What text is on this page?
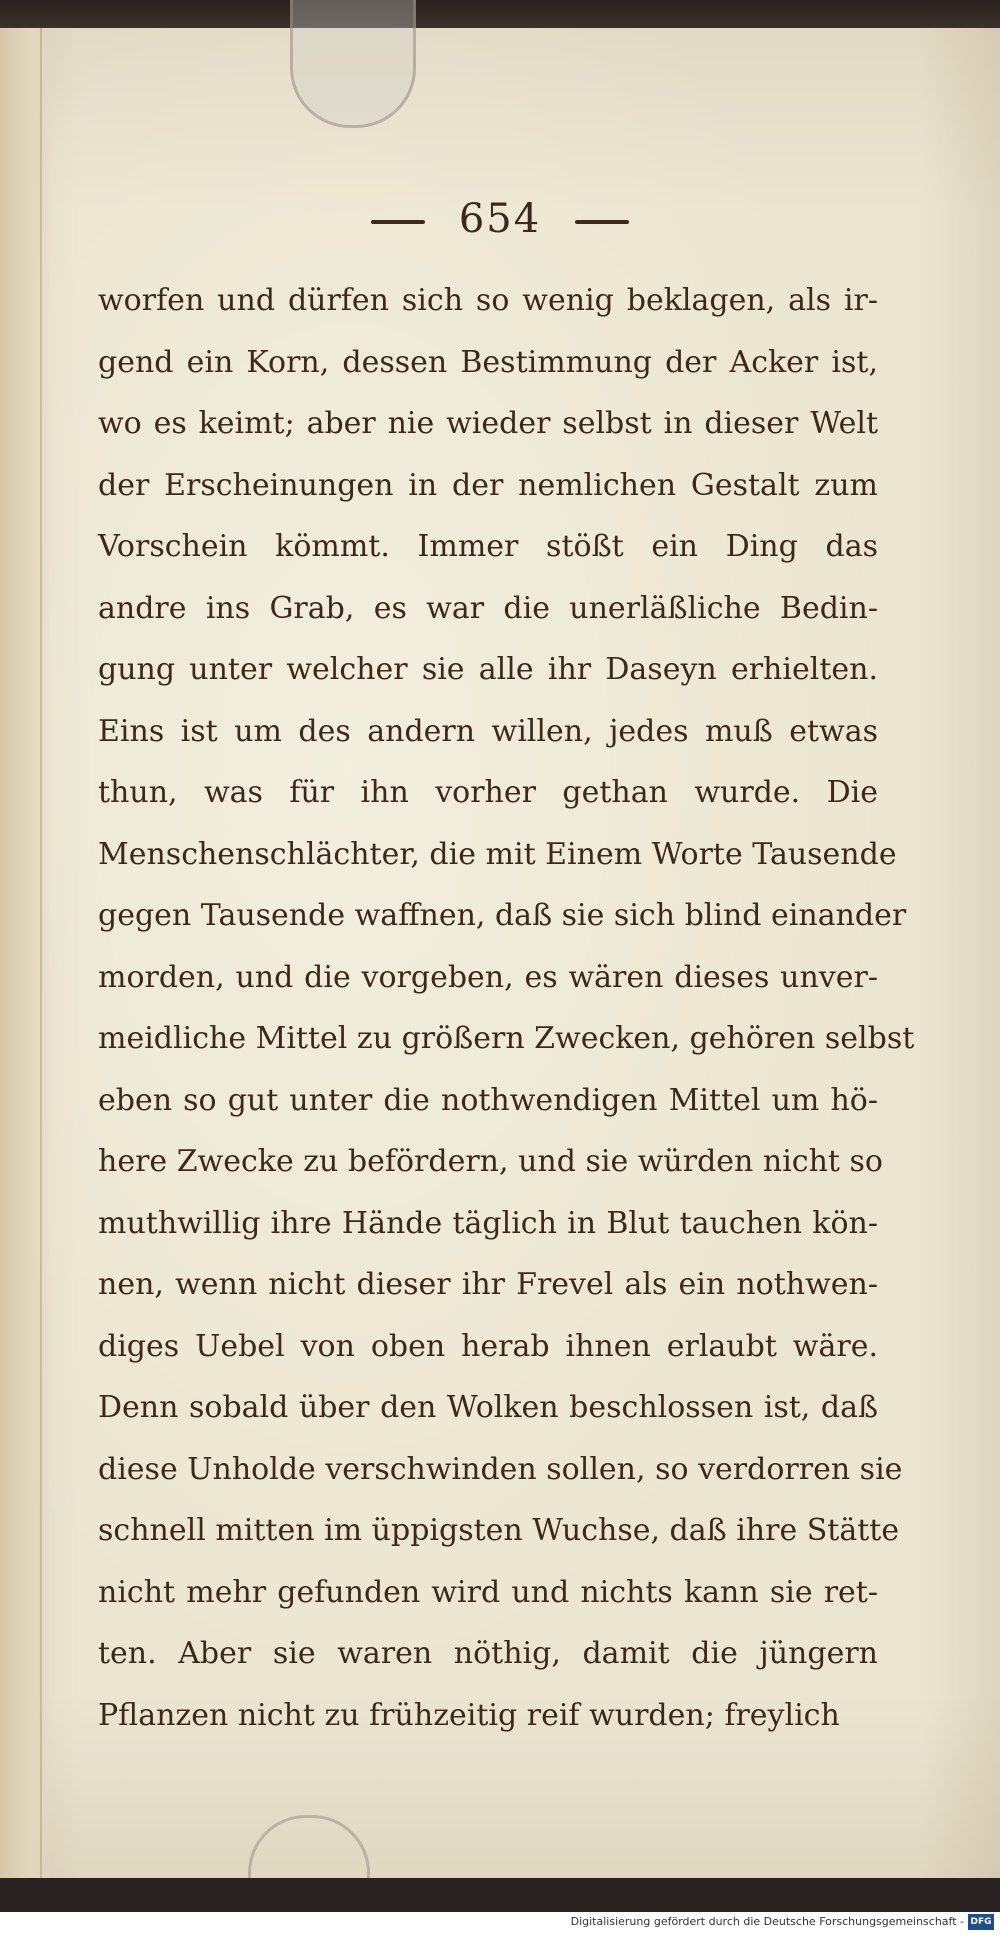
654
worfen und dürfen sich so wenig beklagen, als ir-
gend ein Korn, dessen Bestimmung der Acker ist,
wo es keimt; aber nie wieder selbst in dieser Welt
der Erscheinungen in der nemlichen Gestalt zum
Vorschein kömmt. Immer stößt ein Ding das
andre ins Grab, es war die unerläßliche Bedin-
gung unter welcher sie alle ihr Daseyn erhielten.
Eins ist um des andern willen, jedes muß etwas
thun, was für ihn vorher gethan wurde. Die
Menschenschlächter, die mit Einem Worte Tausende
gegen Tausende waffnen, daß sie sich blind einander
morden, und die vorgeben, es wären dieses unver-
meidliche Mittel zu größern Zwecken, gehören selbst
eben so gut unter die nothwendigen Mittel um hö-
here Zwecke zu befördern, und sie würden nicht so
muthwillig ihre Hände täglich in Blut tauchen kön-
nen, wenn nicht dieser ihr Frevel als ein nothwen-
diges Uebel von oben herab ihnen erlaubt wäre.
Denn sobald über den Wolken beschlossen ist, daß
diese Unholde verschwinden sollen, so verdorren sie
schnell mitten im üppigsten Wuchse, daß ihre Stätte
nicht mehr gefunden wird und nichts kann sie ret-
ten. Aber sie waren nöthig, damit die jüngern
Pflanzen nicht zu frühzeitig reif wurden; freylich
Digitalisierung gefördert durch die Deutsche Forschungsgemeinschaft - DFG
